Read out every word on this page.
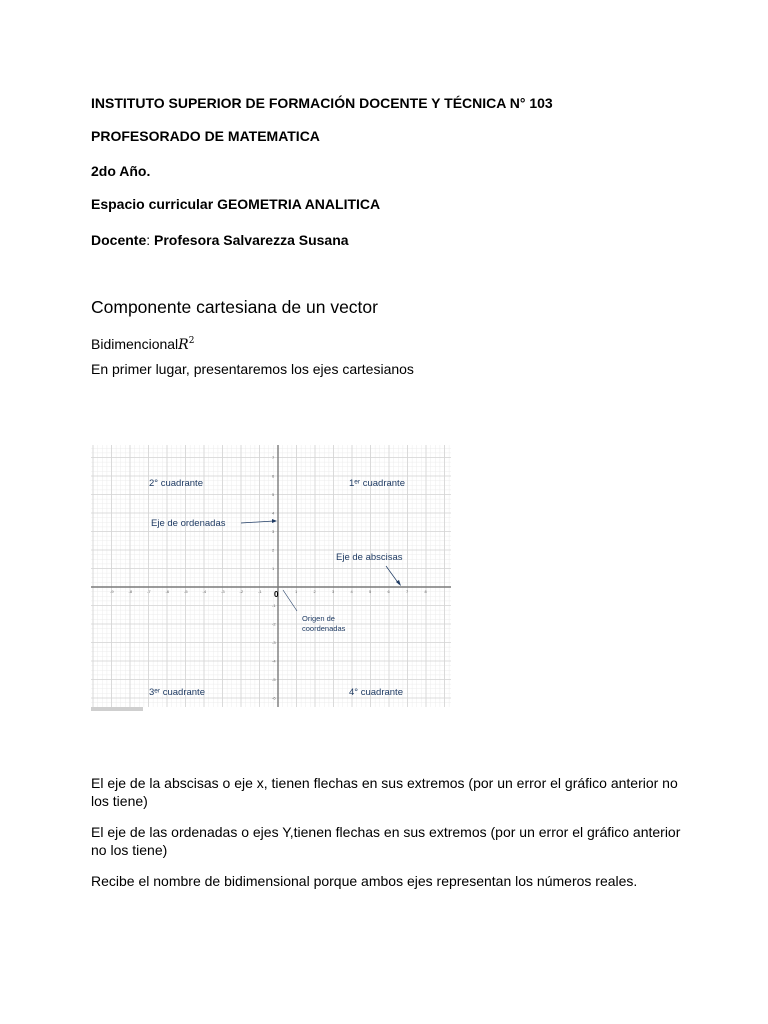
INSTITUTO SUPERIOR DE FORMACIÓN DOCENTE Y TÉCNICA N° 103
PROFESORADO DE MATEMATICA
2do Año.
Espacio curricular GEOMETRIA ANALITICA
Docente: Profesora Salvarezza Susana
Componente cartesiana de un vector
BidimencionalR$^2$
En primer lugar, presentaremos los ejes cartesianos
-9	-8	-7	-6	-5	-4	-3	-2	-1	1	2	3	4	5	6	7	8
7
6
5
4
3
2
1
-1
-2
-3
-4
-5
-6
2° cuadrante	1ᵉʳ cuadrante
3ᵉʳ cuadrante	4° cuadrante
Eje de ordenadas
Eje de abscisas
0
Origen de
coordenadas
El eje de la abscisas o eje x, tienen flechas en sus extremos (por un error el gráfico anterior no los tiene)
El eje de las ordenadas o ejes Y,tienen flechas en sus extremos (por un error el gráfico anterior no los tiene)
Recibe el nombre de bidimensional porque ambos ejes representan los números reales.
